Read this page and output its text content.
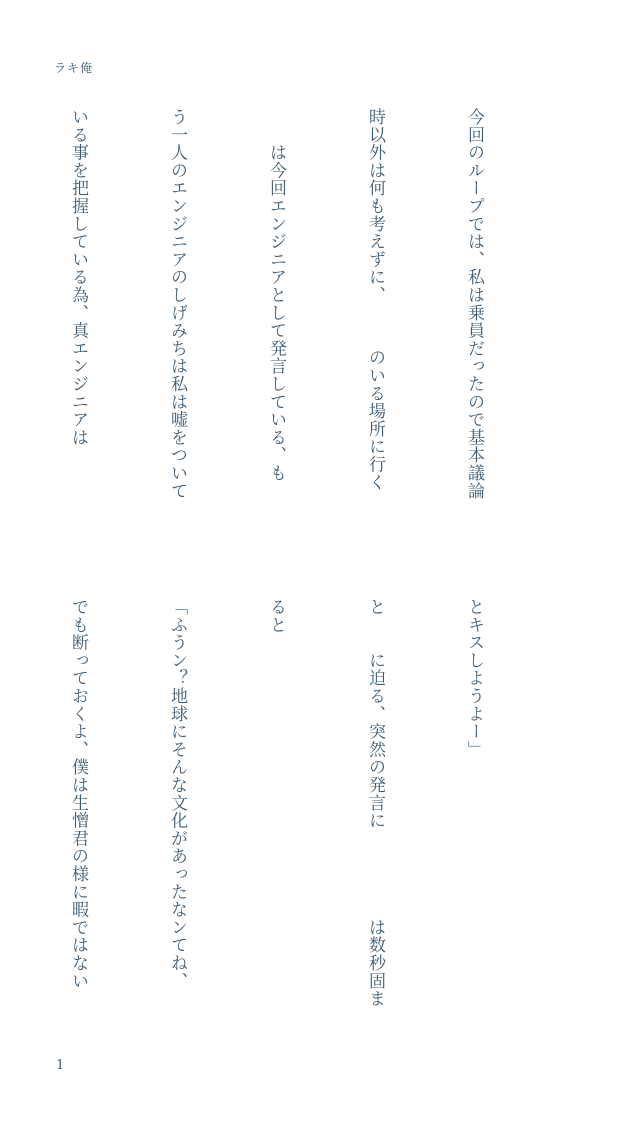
ラキ俺

今回のループでは、私は乗員だったので基本議論

時以外は何も考えずに、　　　のいる場所に行く

　　は今回エンジニアとして発言している、も

う一人のエンジニアのしげみちは私は嘘をついて

いる事を把握している為、真エンジニアは

とキスしようよー」

と　　に迫る、突然の発言に　　　　　は数秒固ま

ると

「ふうン？地球にそんな文化があったなンてね、

でも断っておくよ、僕は生憎君の様に暇ではない

1
